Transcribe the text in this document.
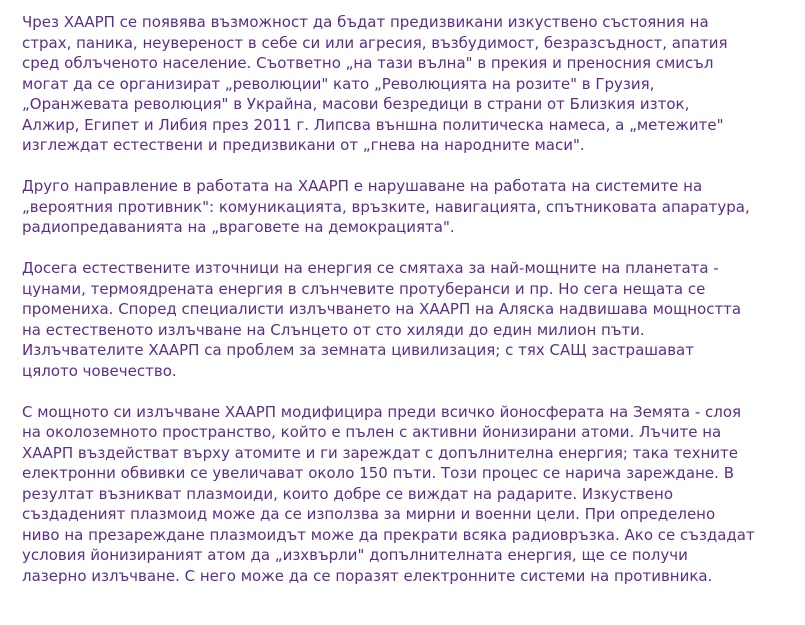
Чрез ХААРП се появява възможност да бъдат предизвикани изкуствено състояния на
страх, паника, неувереност в себе си или агресия, възбудимост, безразсъдност, апатия
сред облъченото население. Съответно „на тази вълна" в прекия и преносния смисъл
могат да се организират „революции" като „Революцията на розите" в Грузия,
„Оранжевата революция" в Украйна, масови безредици в страни от Близкия изток,
Алжир, Египет и Либия през 2011 г. Липсва външна политическа намеса, а „метежите"
изглеждат естествени и предизвикани от „гнева на народните маси".

Друго направление в работата на ХААРП е нарушаване на работата на системите на
„вероятния противник": комуникацията, връзките, навигацията, спътниковата апаратура,
радиопредаванията на „враговете на демокрацията".

Досега естествените източници на енергия се смятаха за най-мощните на планетата -
цунами, термоядрената енергия в слънчевите протуберанси и пр. Но сега нещата се
промениха. Според специалисти излъчването на ХААРП на Аляска надвишава мощността
на естественото излъчване на Слънцето от сто хиляди до един милион пъти.
Излъчвателите ХААРП са проблем за земната цивилизация; с тях САЩ застрашават
цялото човечество.

С мощното си излъчване ХААРП модифицира преди всичко йоносферата на Земята - слоя
на околоземното пространство, който е пълен с активни йонизирани атоми. Лъчите на
ХААРП въздействат върху атомите и ги зареждат с допълнителна енергия; така техните
електронни обвивки се увеличават около 150 пъти. Този процес се нарича зареждане. В
резултат възникват плазмоиди, които добре се виждат на радарите. Изкуствено
създаденият плазмоид може да се използва за мирни и военни цели. При определено
ниво на презареждане плазмоидът може да прекрати всяка радиовръзка. Ако се създадат
условия йонизираният атом да „изхвърли" допълнителната енергия, ще се получи
лазерно излъчване. С него може да се поразят електронните системи на противника.
